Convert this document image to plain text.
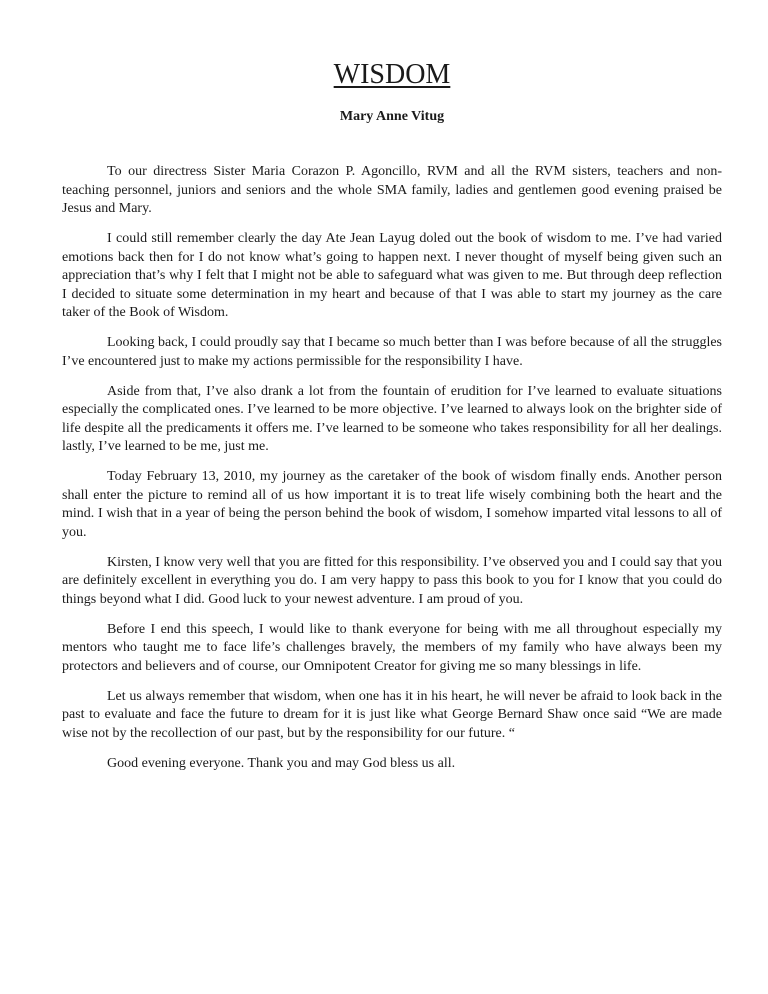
WISDOM
Mary Anne Vitug

To our directress Sister Maria Corazon P. Agoncillo, RVM and all the RVM sisters, teachers and non- teaching personnel, juniors and seniors and the whole SMA family, ladies and gentlemen good evening praised be Jesus and Mary.

I could still remember clearly the day Ate Jean Layug doled out the book of wisdom to me. I’ve had varied emotions back then for I do not know what’s going to happen next. I never thought of myself being given such an appreciation that’s why I felt that I might not be able to safeguard what was given to me. But through deep reflection I decided to situate some determination in my heart and because of that I was able to start my journey as the care taker of the Book of Wisdom.

Looking back, I could proudly say that I became so much better than I was before because of all the struggles I’ve encountered just to make my actions permissible for the responsibility I have.

Aside from that, I’ve also drank a lot from the fountain of erudition for I’ve learned to evaluate situations especially the complicated ones. I’ve learned to be more objective. I’ve learned to always look on the brighter side of life despite all the predicaments it offers me. I’ve learned to be someone who takes responsibility for all her dealings. lastly, I’ve learned to be me, just me.

Today February 13, 2010, my journey as the caretaker of the book of wisdom finally ends. Another person shall enter the picture to remind all of us how important it is to treat life wisely combining both the heart and the mind. I wish that in a year of being the person behind the book of wisdom, I somehow imparted vital lessons to all of you.

Kirsten, I know very well that you are fitted for this responsibility. I’ve observed you and I could say that you are definitely excellent in everything you do. I am very happy to pass this book to you for I know that you could do things beyond what I did. Good luck to your newest adventure. I am proud of you.

Before I end this speech, I would like to thank everyone for being with me all throughout especially my mentors who taught me to face life’s challenges bravely, the members of my family who have always been my protectors and believers and of course, our Omnipotent Creator for giving me so many blessings in life.

Let us always remember that wisdom, when one has it in his heart, he will never be afraid to look back in the past to evaluate and face the future to dream for it is just like what George Bernard Shaw once said “We are made wise not by the recollection of our past, but by the responsibility for our future. “

Good evening everyone. Thank you and may God bless us all.
